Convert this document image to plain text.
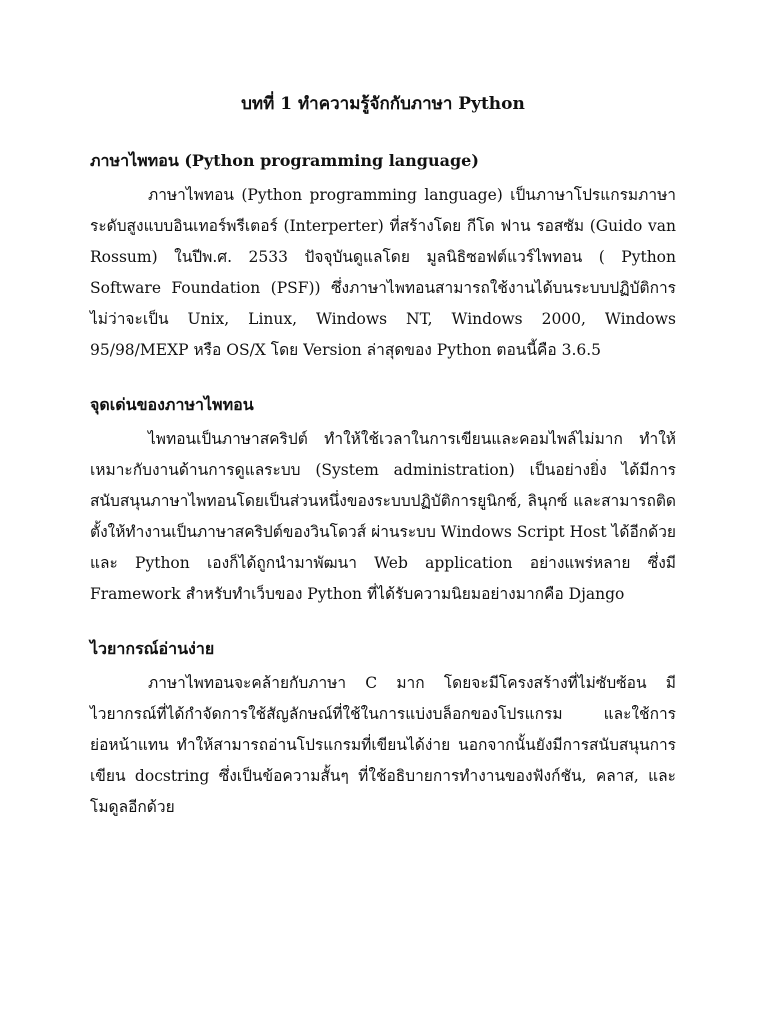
บทที่ 1 ทำความรู้จักกับภาษา Python
ภาษาไพทอน (Python programming language)

ภาษาไพทอน (Python programming language) เป็นภาษาโปรแกรมภาษาระดับสูงแบบอินเทอร์พรีเตอร์ (Interperter) ที่สร้างโดย กีโด ฟาน รอสซัม (Guido van Rossum) ในปีพ.ศ. 2533 ปัจจุบันดูแลโดย มูลนิธิซอฟต์แวร์ไพทอน ( Python Software Foundation (PSF)) ซึ่งภาษาไพทอนสามารถใช้งานได้บนระบบปฏิบัติการไม่ว่าจะเป็น Unix, Linux, Windows NT, Windows 2000, Windows 95/98/MEXP หรือ OS/X โดย Version ล่าสุดของ Python ตอนนี้คือ 3.6.5

จุดเด่นของภาษาไพทอน

ไพทอนเป็นภาษาสคริปต์ ทำให้ใช้เวลาในการเขียนและคอมไพล์ไม่มาก ทำให้เหมาะกับงานด้านการดูแลระบบ (System administration) เป็นอย่างยิ่ง ได้มีการสนับสนุนภาษาไพทอนโดยเป็นส่วนหนึ่งของระบบปฏิบัติการยูนิกซ์, ลินุกซ์ และสามารถติดตั้งให้ทำงานเป็นภาษาสคริปต์ของวินโดวส์ ผ่านระบบ Windows Script Host ได้อีกด้วย และ Python เองก็ได้ถูกนำมาพัฒนา Web application อย่างแพร่หลาย ซึ่งมี Framework สำหรับทำเว็บของ Python ที่ได้รับความนิยมอย่างมากคือ Django

ไวยากรณ์อ่านง่าย

ภาษาไพทอนจะคล้ายกับภาษา C มาก โดยจะมีโครงสร้างที่ไม่ซับซ้อน มีไวยากรณ์ที่ได้กำจัดการใช้สัญลักษณ์ที่ใช้ในการแบ่งบล็อกของโปรแกรม และใช้การย่อหน้าแทน ทำให้สามารถอ่านโปรแกรมที่เขียนได้ง่าย นอกจากนั้นยังมีการสนับสนุนการเขียน docstring ซึ่งเป็นข้อความสั้นๆ ที่ใช้อธิบายการทำงานของฟังก์ชัน, คลาส, และ โมดูลอีกด้วย
